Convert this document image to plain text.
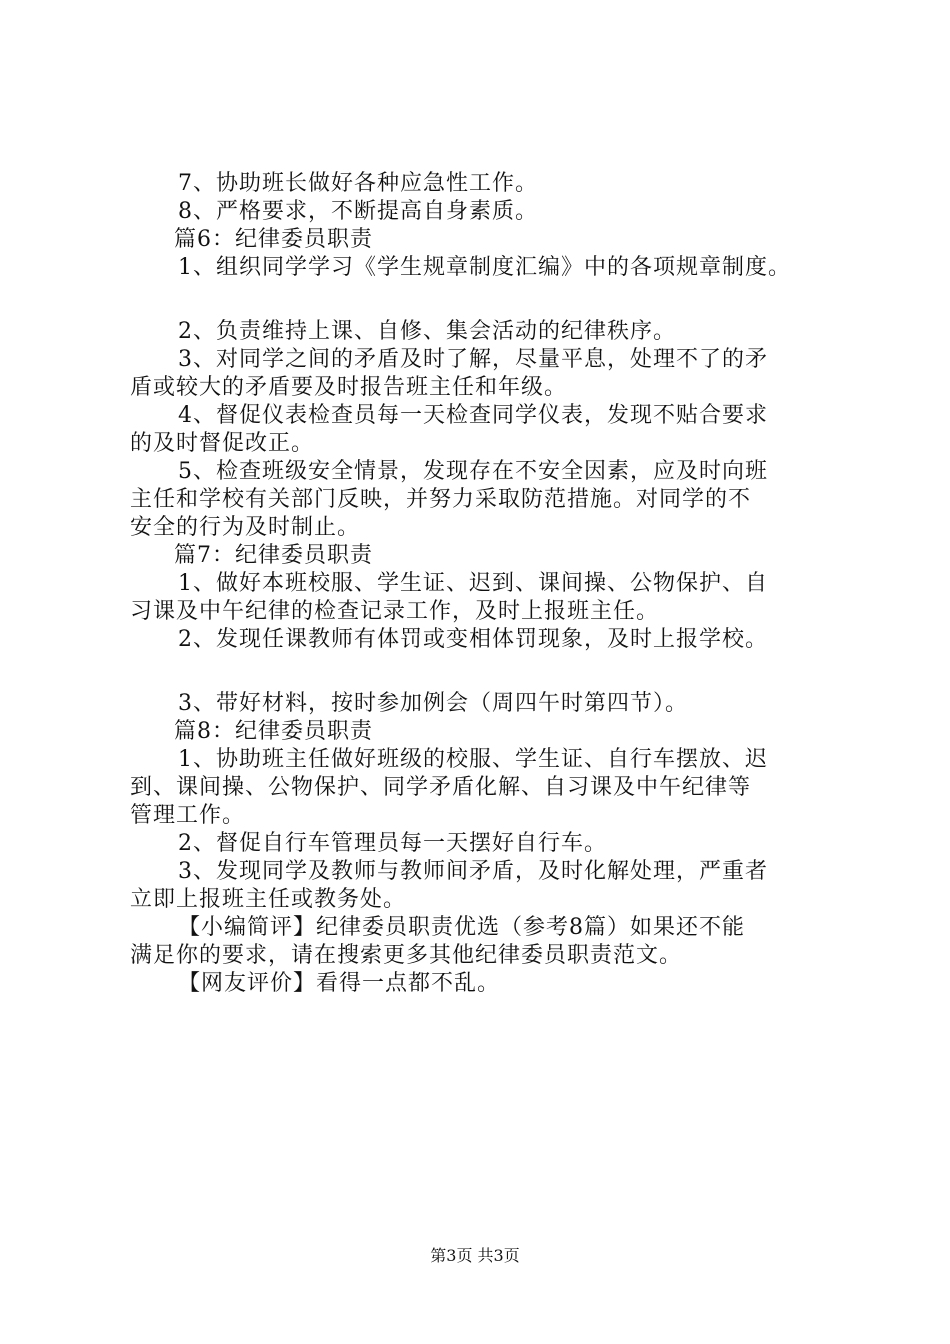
7、协助班长做好各种应急性工作。
8、严格要求，不断提高自身素质。
篇6：纪律委员职责
1、组织同学学习《学生规章制度汇编》中的各项规章制度。
2、负责维持上课、自修、集会活动的纪律秩序。
3、对同学之间的矛盾及时了解，尽量平息，处理不了的矛
盾或较大的矛盾要及时报告班主任和年级。
4、督促仪表检查员每一天检查同学仪表，发现不贴合要求
的及时督促改正。
5、检查班级安全情景，发现存在不安全因素，应及时向班
主任和学校有关部门反映，并努力采取防范措施。对同学的不
安全的行为及时制止。
篇7：纪律委员职责
1、做好本班校服、学生证、迟到、课间操、公物保护、自
习课及中午纪律的检查记录工作，及时上报班主任。
2、发现任课教师有体罚或变相体罚现象，及时上报学校。
3、带好材料，按时参加例会（周四午时第四节）。
篇8：纪律委员职责
1、协助班主任做好班级的校服、学生证、自行车摆放、迟
到、课间操、公物保护、同学矛盾化解、自习课及中午纪律等
管理工作。
2、督促自行车管理员每一天摆好自行车。
3、发现同学及教师与教师间矛盾，及时化解处理，严重者
立即上报班主任或教务处。
【小编简评】纪律委员职责优选（参考8篇）如果还不能
满足你的要求，请在搜索更多其他纪律委员职责范文。
【网友评价】看得一点都不乱。
第3页 共3页
